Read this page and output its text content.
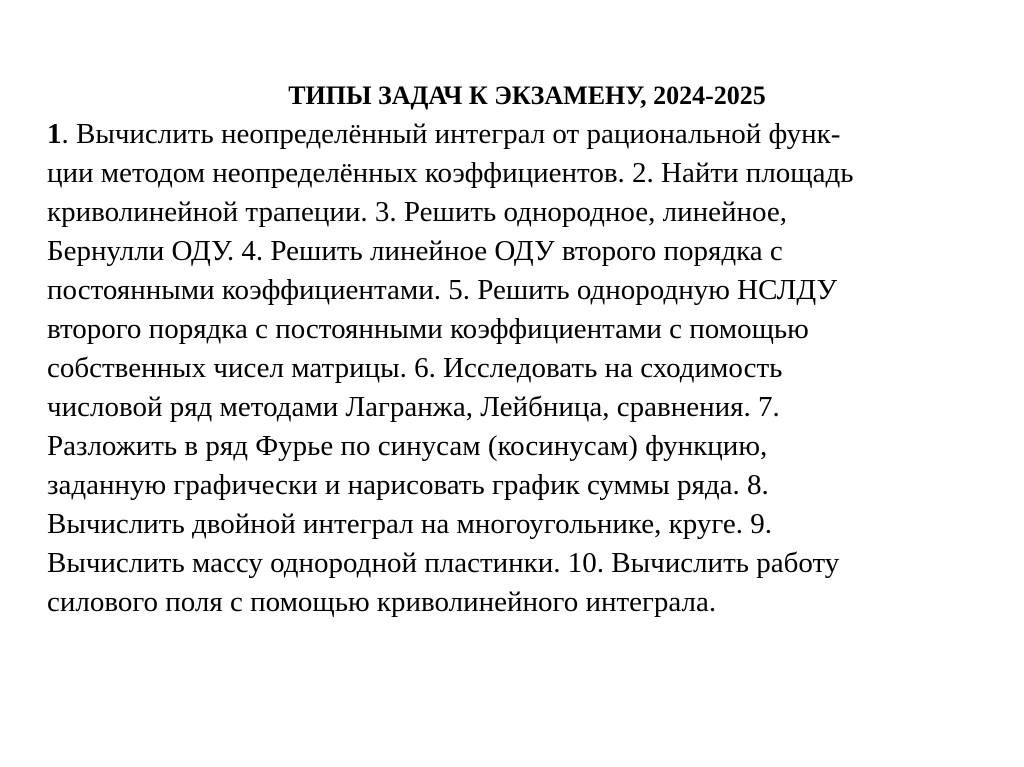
ТИПЫ ЗАДАЧ К ЭКЗАМЕНУ, 2024-2025
1. Вычислить неопределённый интеграл от рациональной функ-
ции методом неопределённых коэффициентов. 2. Найти площадь
криволинейной трапеции. 3. Решить однородное, линейное,
Бернулли ОДУ. 4. Решить линейное ОДУ второго порядка с
постоянными коэффициентами. 5. Решить однородную НСЛДУ
второго порядка с постоянными коэффициентами с помощью
собственных чисел матрицы. 6. Исследовать на сходимость
числовой ряд методами Лагранжа, Лейбница, сравнения. 7.
Разложить в ряд Фурье по синусам (косинусам) функцию,
заданную графически и нарисовать график суммы ряда. 8.
Вычислить двойной интеграл на многоугольнике, круге. 9.
Вычислить массу однородной пластинки. 10. Вычислить работу
силового поля с помощью криволинейного интеграла.
